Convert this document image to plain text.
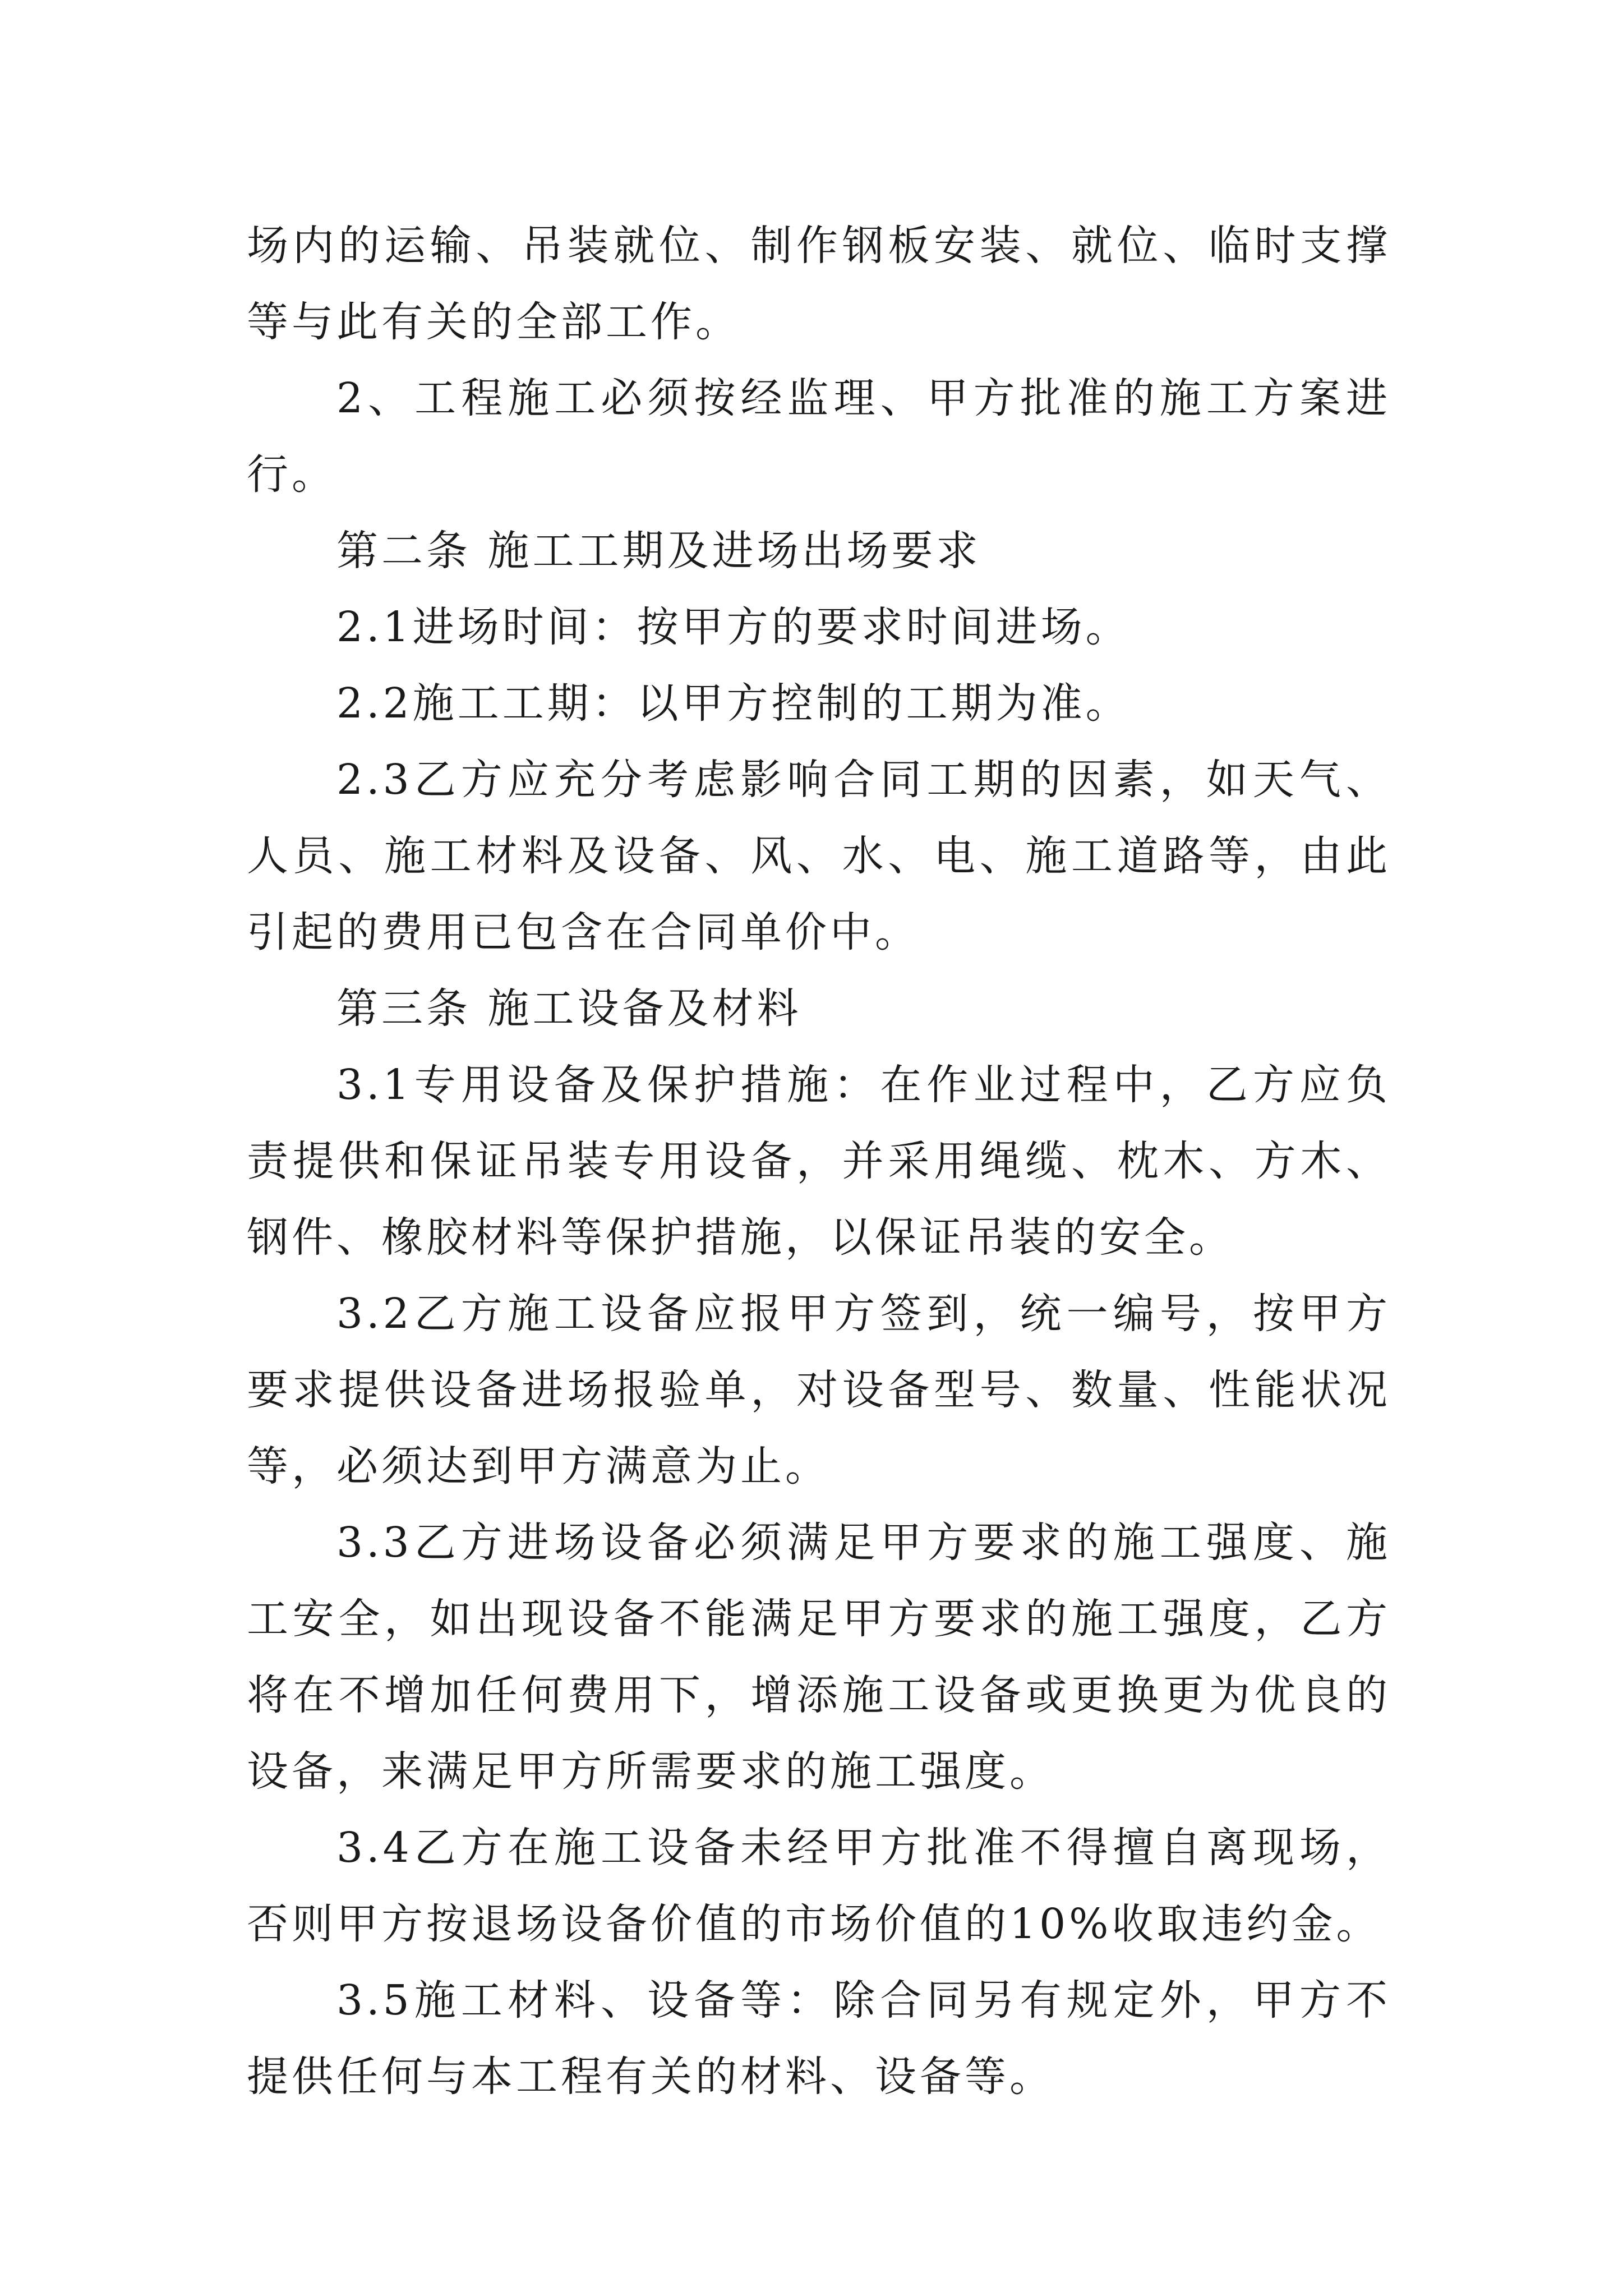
场内的运输、吊装就位、制作钢板安装、就位、临时支撑等与此有关的全部工作。

2、工程施工必须按经监理、甲方批准的施工方案进行。

第二条 施工工期及进场出场要求

2.1进场时间：按甲方的要求时间进场。

2.2施工工期：以甲方控制的工期为准。

2.3乙方应充分考虑影响合同工期的因素，如天气、人员、施工材料及设备、风、水、电、施工道路等，由此引起的费用已包含在合同单价中。

第三条 施工设备及材料

3.1专用设备及保护措施：在作业过程中，乙方应负责提供和保证吊装专用设备，并采用绳缆、枕木、方木、钢件、橡胶材料等保护措施，以保证吊装的安全。

3.2乙方施工设备应报甲方签到，统一编号，按甲方要求提供设备进场报验单，对设备型号、数量、性能状况等，必须达到甲方满意为止。

3.3乙方进场设备必须满足甲方要求的施工强度、施工安全，如出现设备不能满足甲方要求的施工强度，乙方将在不增加任何费用下，增添施工设备或更换更为优良的设备，来满足甲方所需要求的施工强度。

3.4乙方在施工设备未经甲方批准不得擅自离现场，否则甲方按退场设备价值的市场价值的10%收取违约金。

3.5施工材料、设备等：除合同另有规定外，甲方不提供任何与本工程有关的材料、设备等。
